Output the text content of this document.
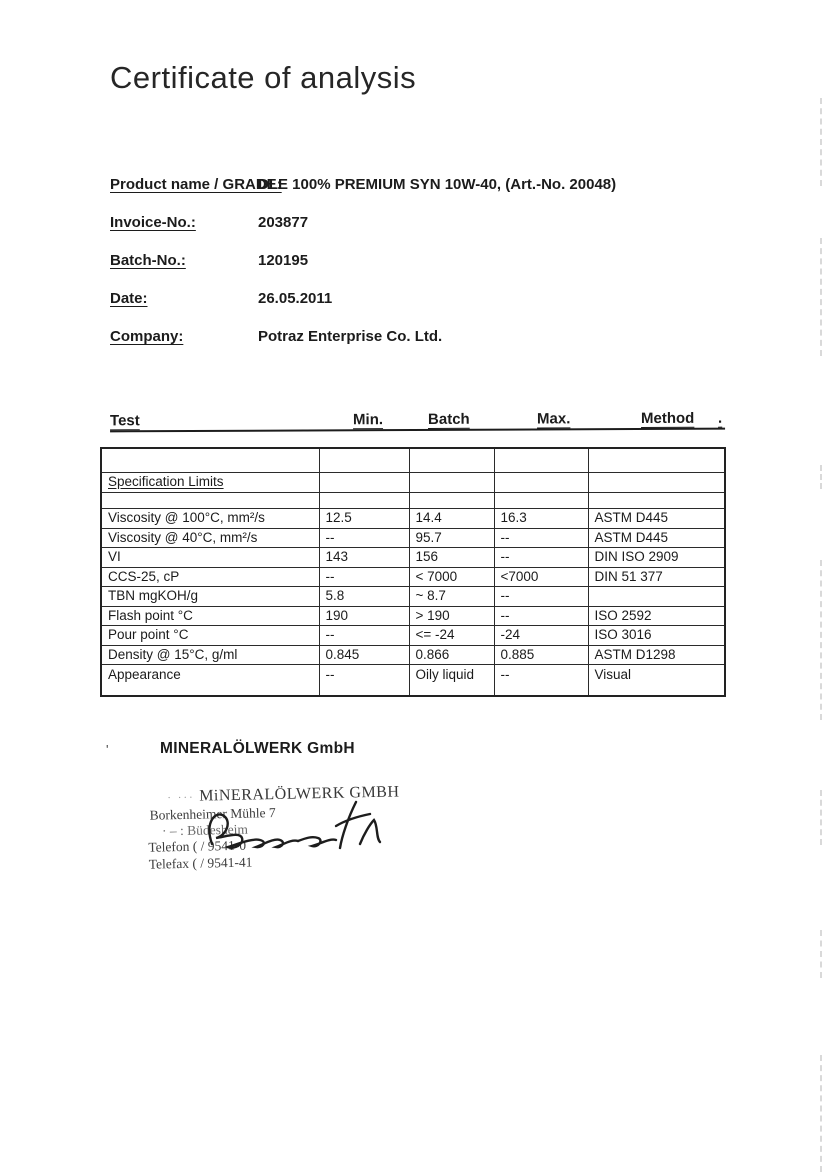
Certificate of analysis
Product name / GRADE:
DLE 100% PREMIUM SYN 10W-40, (Art.-No. 20048)
Invoice-No.:	203877
Batch-No.:	120195
Date:	26.05.2011
Company:	Potraz Enterprise Co. Ltd.
Test	Min.	Batch	Max.	Method .

Specification Limits				

Viscosity @ 100°C, mm²/s	12.5	14.4	16.3	ASTM D445
Viscosity @ 40°C, mm²/s	--	95.7	--	ASTM D445
VI	143	156	--	DIN ISO 2909
CCS-25, cP	--	< 7000	<7000	DIN 51 377
TBN mgKOH/g	5.8	~ 8.7	--	
Flash point °C	190	> 190	--	ISO 2592
Pour point °C	--	<= -24	-24	ISO 3016
Density @ 15°C, g/ml	0.845	0.866	0.885	ASTM D1298
Appearance	--	Oily liquid	--	Visual
'	MINERALÖLWERK GmbH
· ··· MiNERALÖLWERK GMBH
Borkenheimer Mühle 7
· – : Büdesheim
Telefon ( / 9541-0
Telefax ( / 9541-41
